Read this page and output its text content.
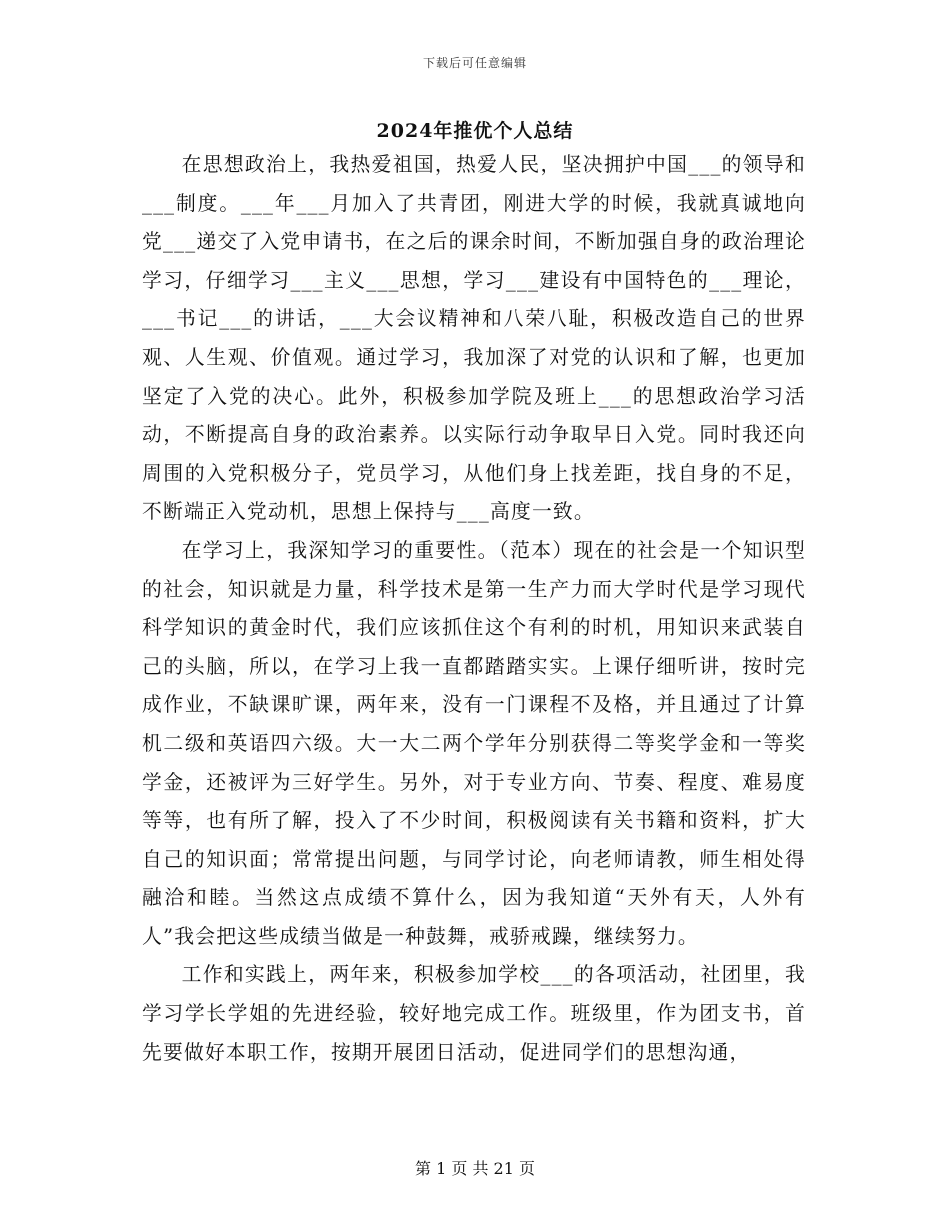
下载后可任意编辑
2024年推优个人总结

在思想政治上，我热爱祖国，热爱人民，坚决拥护中国___的领导和___制度。___年___月加入了共青团，刚进大学的时候，我就真诚地向党___递交了入党申请书，在之后的课余时间，不断加强自身的政治理论学习，仔细学习___主义___思想，学习___建设有中国特色的___理论，___书记___的讲话，___大会议精神和八荣八耻，积极改造自己的世界观、人生观、价值观。通过学习，我加深了对党的认识和了解，也更加坚定了入党的决心。此外，积极参加学院及班上___的思想政治学习活动，不断提高自身的政治素养。以实际行动争取早日入党。同时我还向周围的入党积极分子，党员学习，从他们身上找差距，找自身的不足，不断端正入党动机，思想上保持与___高度一致。

在学习上，我深知学习的重要性。（范本）现在的社会是一个知识型的社会，知识就是力量，科学技术是第一生产力而大学时代是学习现代科学知识的黄金时代，我们应该抓住这个有利的时机，用知识来武装自己的头脑，所以，在学习上我一直都踏踏实实。上课仔细听讲，按时完成作业，不缺课旷课，两年来，没有一门课程不及格，并且通过了计算机二级和英语四六级。大一大二两个学年分别获得二等奖学金和一等奖学金，还被评为三好学生。另外，对于专业方向、节奏、程度、难易度等等，也有所了解，投入了不少时间，积极阅读有关书籍和资料，扩大自己的知识面；常常提出问题，与同学讨论，向老师请教，师生相处得融洽和睦。当然这点成绩不算什么，因为我知道“天外有天，人外有人”我会把这些成绩当做是一种鼓舞，戒骄戒躁，继续努力。

工作和实践上，两年来，积极参加学校___的各项活动，社团里，我学习学长学姐的先进经验，较好地完成工作。班级里，作为团支书，首先要做好本职工作，按期开展团日活动，促进同学们的思想沟通，

第 1 页 共 21 页
